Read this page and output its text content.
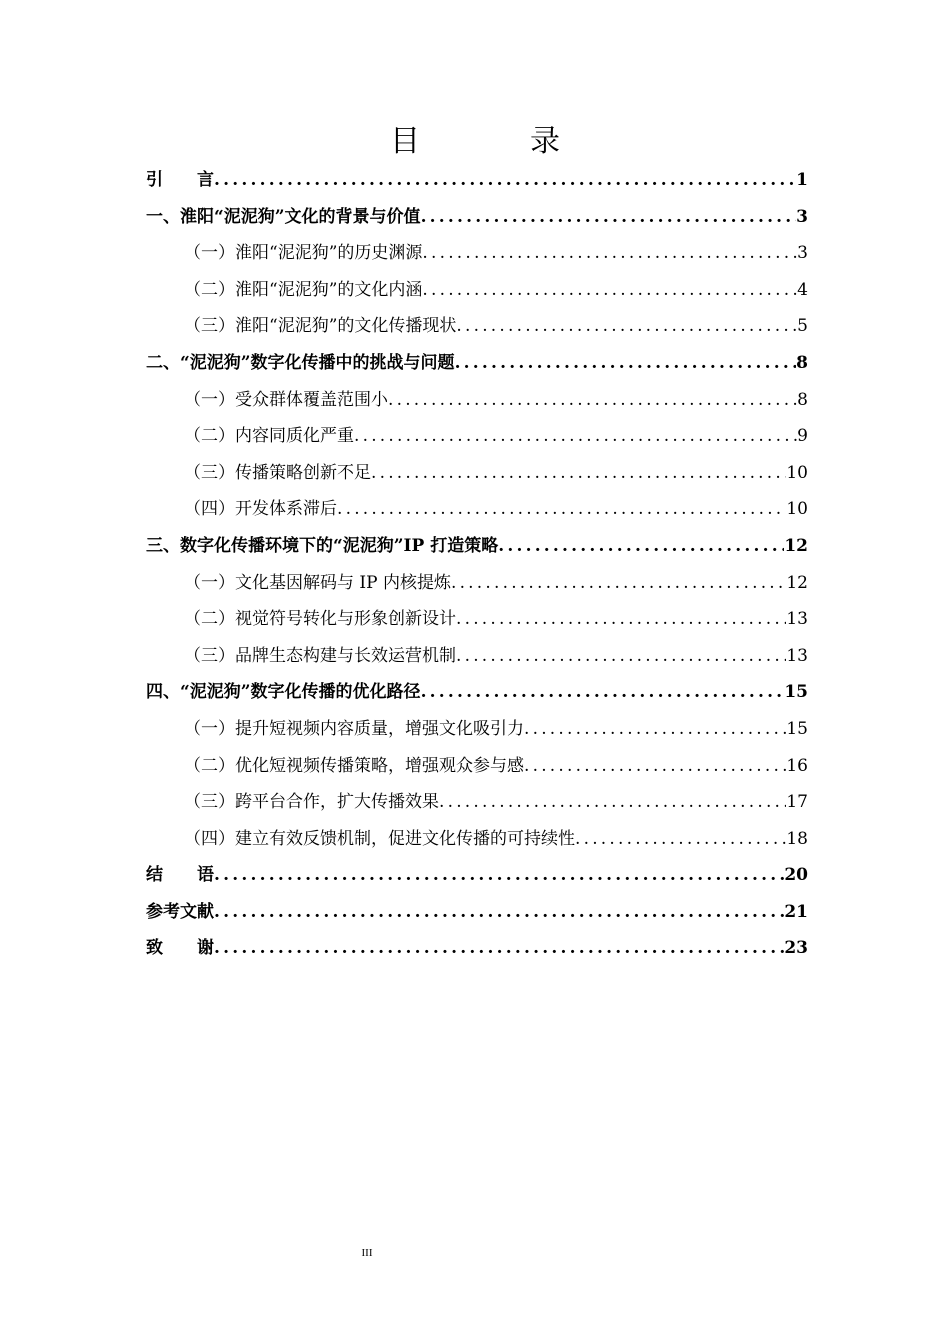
目　录
引　　言 .....	1
一、淮阳“泥泥狗”文化的背景与价值 .....	3
（一）淮阳“泥泥狗”的历史渊源 .....	3
（二）淮阳“泥泥狗”的文化内涵 .....	4
（三）淮阳“泥泥狗”的文化传播现状 .....	5
二、“泥泥狗”数字化传播中的挑战与问题 .....	8
（一）受众群体覆盖范围小 .....	8
（二）内容同质化严重 .....	9
（三）传播策略创新不足 .....	10
（四）开发体系滞后 .....	10
三、数字化传播环境下的“泥泥狗”IP 打造策略 .....	12
（一）文化基因解码与 IP 内核提炼 .....	12
（二）视觉符号转化与形象创新设计 .....	13
（三）品牌生态构建与长效运营机制 .....	13
四、“泥泥狗”数字化传播的优化路径 .....	15
（一）提升短视频内容质量，增强文化吸引力 .....	15
（二）优化短视频传播策略，增强观众参与感 .....	16
（三）跨平台合作，扩大传播效果 .....	17
（四）建立有效反馈机制，促进文化传播的可持续性 .....	18
结　　语 .....	20
参考文献 .....	21
致　　谢 .....	23
III
